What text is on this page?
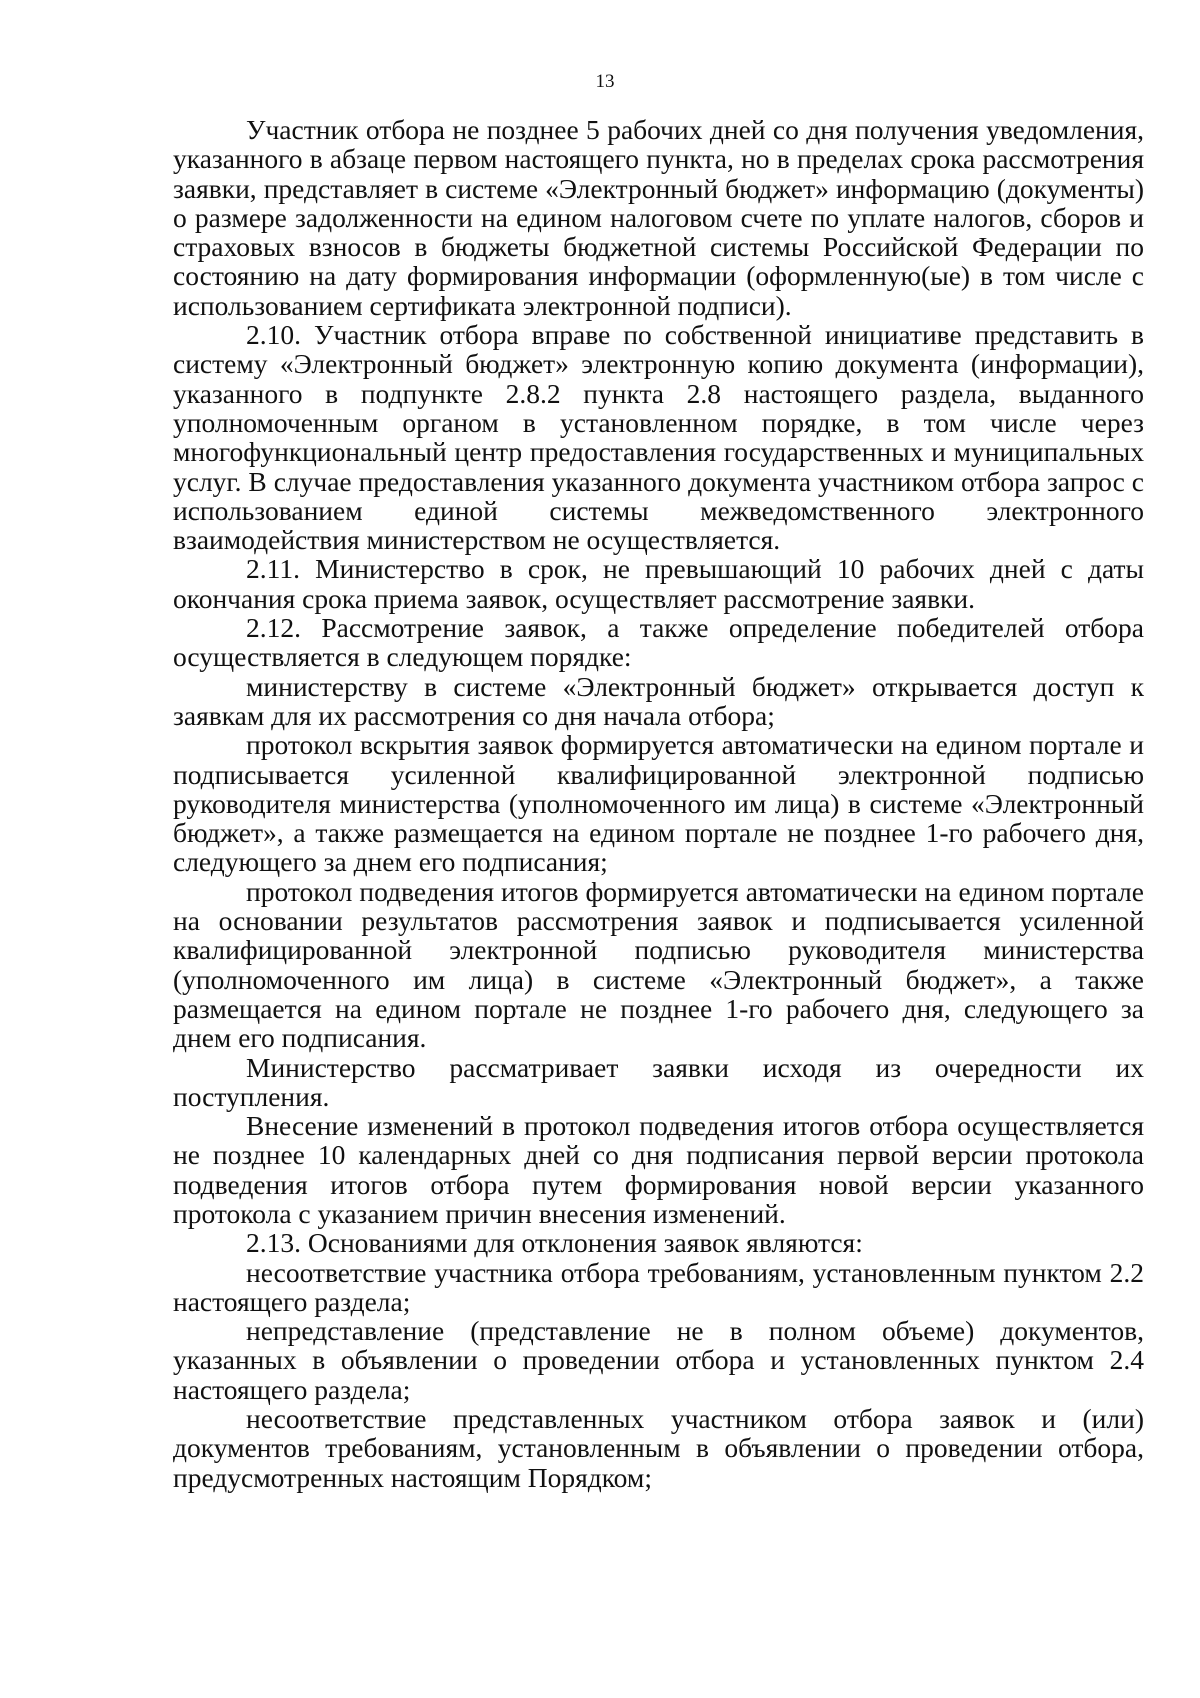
13

Участник отбора не позднее 5 рабочих дней со дня получения уведомления, указанного в абзаце первом настоящего пункта, но в пределах срока рассмотрения заявки, представляет в системе «Электронный бюджет» информацию (документы) о размере задолженности на едином налоговом счете по уплате налогов, сборов и страховых взносов в бюджеты бюджетной системы Российской Федерации по состоянию на дату формирования информации (оформленную(ые) в том числе с использованием сертификата электронной подписи).

2.10. Участник отбора вправе по собственной инициативе представить в систему «Электронный бюджет» электронную копию документа (информации), указанного в подпункте 2.8.2 пункта 2.8 настоящего раздела, выданного уполномоченным органом в установленном порядке, в том числе через многофункциональный центр предоставления государственных и муниципальных услуг. В случае предоставления указанного документа участником отбора запрос с использованием единой системы межведомственного электронного взаимодействия министерством не осуществляется.

2.11. Министерство в срок, не превышающий 10 рабочих дней с даты окончания срока приема заявок, осуществляет рассмотрение заявки.

2.12. Рассмотрение заявок, а также определение победителей отбора осуществляется в следующем порядке:

министерству в системе «Электронный бюджет» открывается доступ к заявкам для их рассмотрения со дня начала отбора;

протокол вскрытия заявок формируется автоматически на едином портале и подписывается усиленной квалифицированной электронной подписью руководителя министерства (уполномоченного им лица) в системе «Электронный бюджет», а также размещается на едином портале не позднее 1-го рабочего дня, следующего за днем его подписания;

протокол подведения итогов формируется автоматически на едином портале на основании результатов рассмотрения заявок и подписывается усиленной квалифицированной электронной подписью руководителя министерства (уполномоченного им лица) в системе «Электронный бюджет», а также размещается на едином портале не позднее 1-го рабочего дня, следующего за днем его подписания.

Министерство рассматривает заявки исходя из очередности их поступления.

Внесение изменений в протокол подведения итогов отбора осуществляется не позднее 10 календарных дней со дня подписания первой версии протокола подведения итогов отбора путем формирования новой версии указанного протокола с указанием причин внесения изменений.

2.13. Основаниями для отклонения заявок являются:

несоответствие участника отбора требованиям, установленным пунктом 2.2 настоящего раздела;

непредставление (представление не в полном объеме) документов, указанных в объявлении о проведении отбора и установленных пунктом 2.4 настоящего раздела;

несоответствие представленных участником отбора заявок и (или) документов требованиям, установленным в объявлении о проведении отбора, предусмотренных настоящим Порядком;
